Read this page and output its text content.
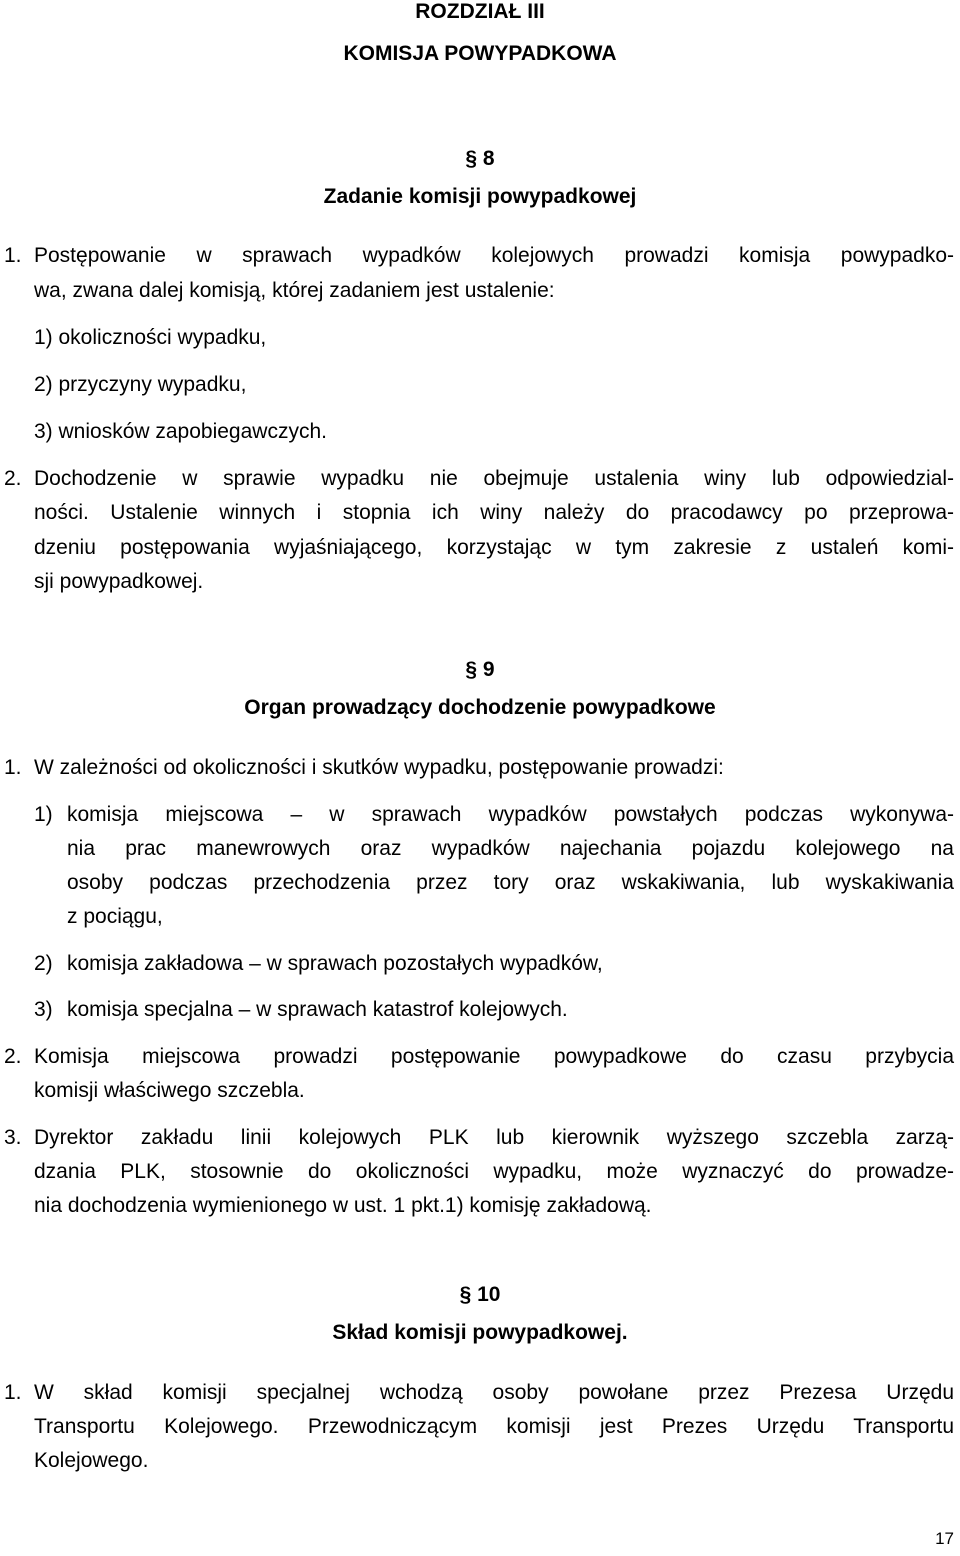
ROZDZIAŁ III
KOMISJA POWYPADKOWA
§ 8
Zadanie komisji powypadkowej
1. Postępowanie w sprawach wypadków kolejowych prowadzi komisja powypadko-
wa, zwana dalej komisją, której zadaniem jest ustalenie:
1) okoliczności wypadku,
2) przyczyny wypadku,
3) wniosków zapobiegawczych.
2. Dochodzenie w sprawie wypadku nie obejmuje ustalenia winy lub odpowiedzial-
ności. Ustalenie winnych i stopnia ich winy należy do pracodawcy po przeprowa-
dzeniu postępowania wyjaśniającego, korzystając w tym zakresie z ustaleń komi-
sji powypadkowej.
§ 9
Organ prowadzący dochodzenie powypadkowe
1. W zależności od okoliczności i skutków wypadku, postępowanie prowadzi:
1) komisja miejscowa – w sprawach wypadków powstałych podczas wykonywa-
nia prac manewrowych oraz wypadków najechania pojazdu kolejowego na
osoby podczas przechodzenia przez tory oraz wskakiwania, lub wyskakiwania
z pociągu,
2) komisja zakładowa – w sprawach pozostałych wypadków,
3) komisja specjalna – w sprawach katastrof kolejowych.
2. Komisja miejscowa prowadzi postępowanie powypadkowe do czasu przybycia
komisji właściwego szczebla.
3. Dyrektor zakładu linii kolejowych PLK lub kierownik wyższego szczebla zarzą-
dzania PLK, stosownie do okoliczności wypadku, może wyznaczyć do prowadze-
nia dochodzenia wymienionego w ust. 1 pkt.1) komisję zakładową.
§ 10
Skład komisji powypadkowej.
1. W skład komisji specjalnej wchodzą osoby powołane przez Prezesa Urzędu
Transportu Kolejowego. Przewodniczącym komisji jest Prezes Urzędu Transportu
Kolejowego.
17
